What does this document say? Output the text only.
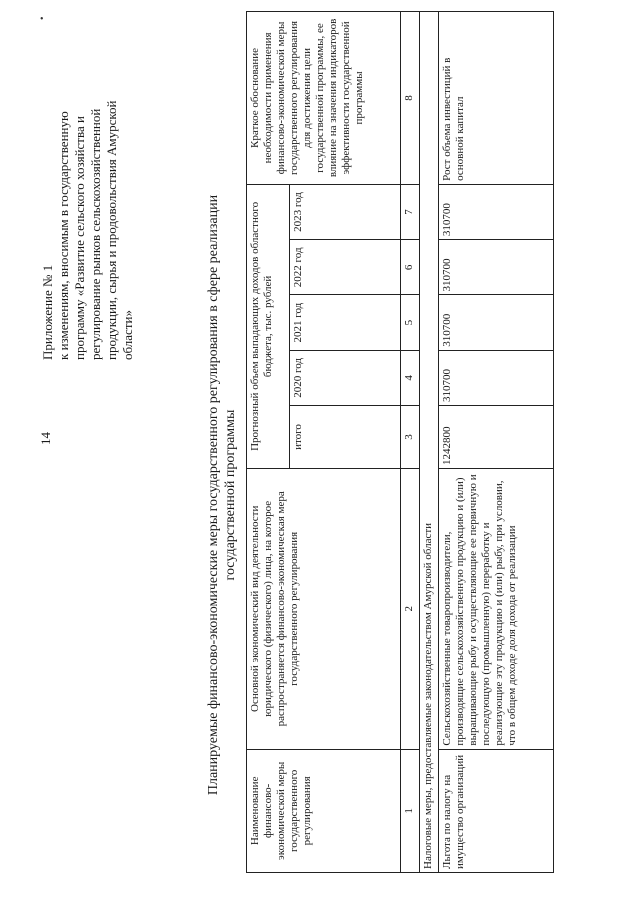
•
14
Приложение № 1 к изменениям, вносимым в государственную программу «Развитие сельского хозяйства и регулирование рынков сельскохозяйственной продукции, сырья и продовольствия Амурской области»	Планируемые финансово-экономические меры государственного регулирования в сфере реализации государственной программы
Наименование финансово-экономической меры государственного регулирования	Основной экономический вид деятельности юридического (физического) лица, на которое распространяется финансово-экономическая мера государственного регулирования	Прогнозный объем выпадающих доходов областного бюджета, тыс. рублей					Краткое обоснование необходимости применения финансово-экономической меры государственного регулирования для достижения цели государственной программы, ее влияние на значения индикаторов эффективности государственной программы
		итого	2020 год	2021 год	2022 год	2023 год	
1	2	3	4	5	6	7	8
Налоговые меры, предоставляемые законодательством Амурской области							
Льгота по налогу на имущество организаций	Сельскохозяйственные товаропроизводители, производящие сельскохозяйственную продукцию и (или) выращивающие рыбу и осуществляющие ее первичную и последующую (промышленную) переработку и реализующие эту продукцию и (или) рыбу, при условии, что в общем доходе доля дохода от реализации	1242800	310700	310700	310700	310700	Рост объема инвестиций в основной капитал
